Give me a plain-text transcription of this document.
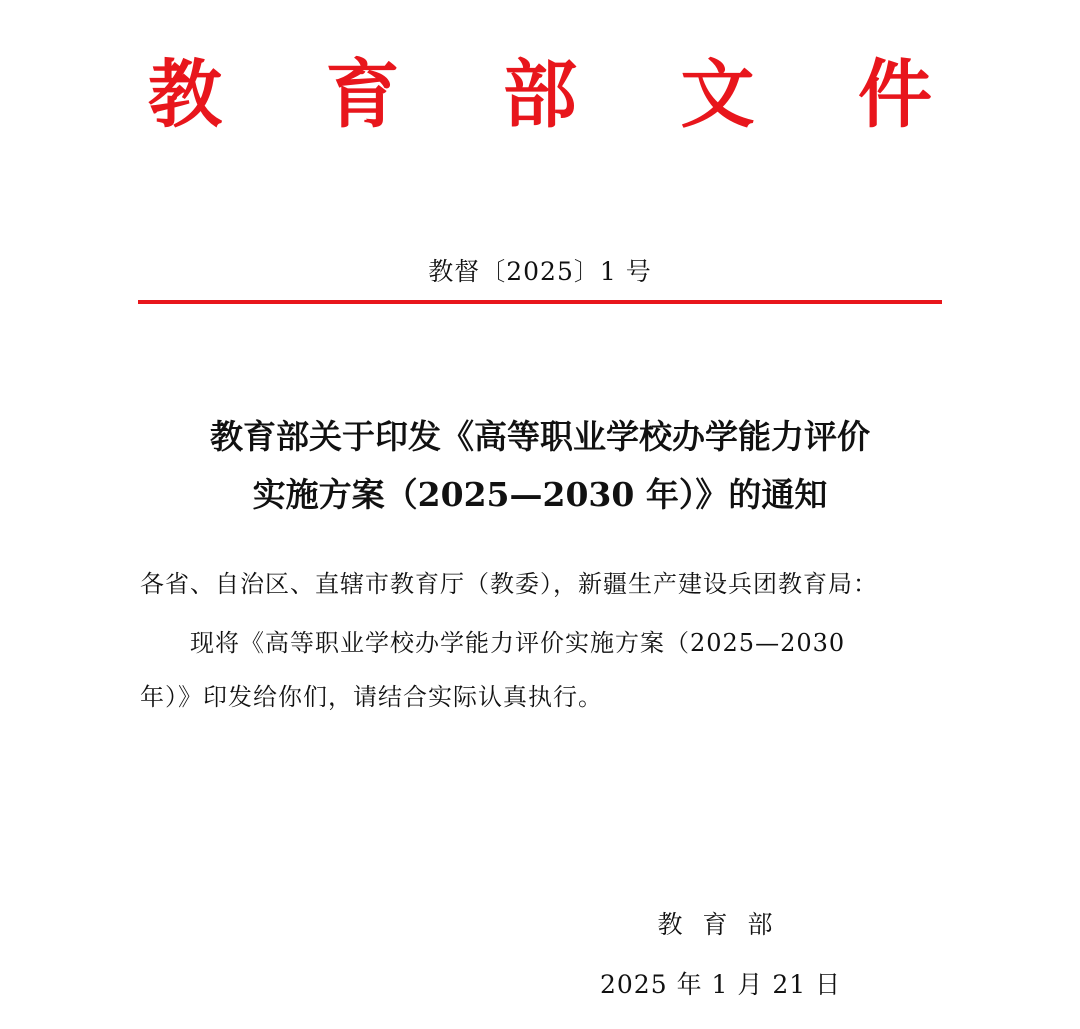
教 育 部 文 件
教督〔2025〕1 号
教育部关于印发《高等职业学校办学能力评价
实施方案（2025—2030 年）》的通知
各省、自治区、直辖市教育厅（教委），新疆生产建设兵团教育局：
现将《高等职业学校办学能力评价实施方案（2025—2030
年）》印发给你们，请结合实际认真执行。
教育部
2025 年 1 月 21 日
